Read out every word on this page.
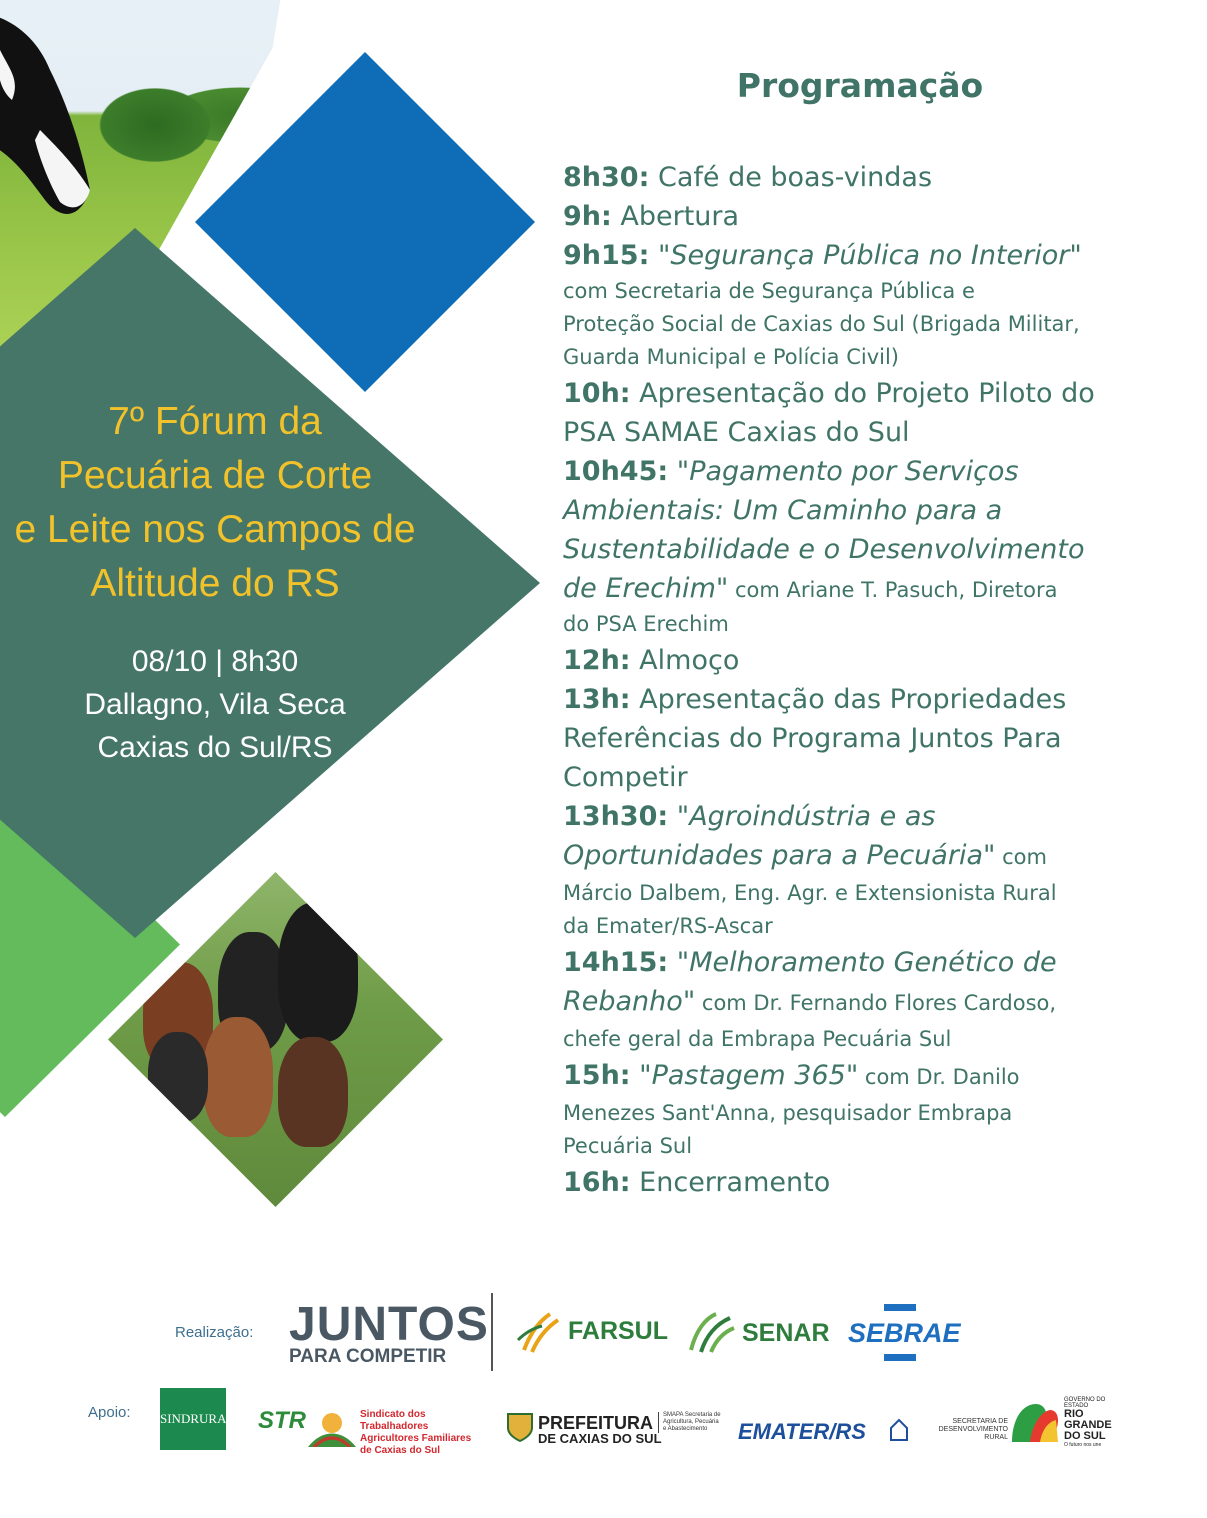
7º Fórum da
Pecuária de Corte
e Leite nos Campos de
Altitude do RS
08/10 | 8h30
Dallagno, Vila Seca
Caxias do Sul/RS
Programação
8h30: Café de boas-vindas
9h: Abertura
9h15: "Segurança Pública no Interior"
com Secretaria de Segurança Pública e
Proteção Social de Caxias do Sul (Brigada Militar,
Guarda Municipal e Polícia Civil)
10h: Apresentação do Projeto Piloto do
PSA SAMAE Caxias do Sul
10h45: "Pagamento por Serviços
Ambientais: Um Caminho para a
Sustentabilidade e o Desenvolvimento
de Erechim" com Ariane T. Pasuch, Diretora
do PSA Erechim
12h: Almoço
13h: Apresentação das Propriedades
Referências do Programa Juntos Para
Competir
13h30: "Agroindústria e as
Oportunidades para a Pecuária" com
Márcio Dalbem, Eng. Agr. e Extensionista Rural
da Emater/RS-Ascar
14h15: "Melhoramento Genético de
Rebanho" com Dr. Fernando Flores Cardoso,
chefe geral da Embrapa Pecuária Sul
15h: "Pastagem 365" com Dr. Danilo
Menezes Sant'Anna, pesquisador Embrapa
Pecuária Sul
16h: Encerramento
Realização: JUNTOS
PARA COMPETIR
FARSUL	SENAR SEBRAE
Apoio: SINDRURAL STR	Sindicato dos Trabalhadores Agricultores Familiares de Caxias do Sul
PREFEITURA
DE CAXIAS DO SUL
SMAPA Secretaria de Agricultura, Pecuária e Abastecimento	EMATER/RS	SECRETARIA DE DESENVOLVIMENTO RURAL
GOVERNO DO ESTADO
RIO GRANDE DO SUL
O futuro nos une
